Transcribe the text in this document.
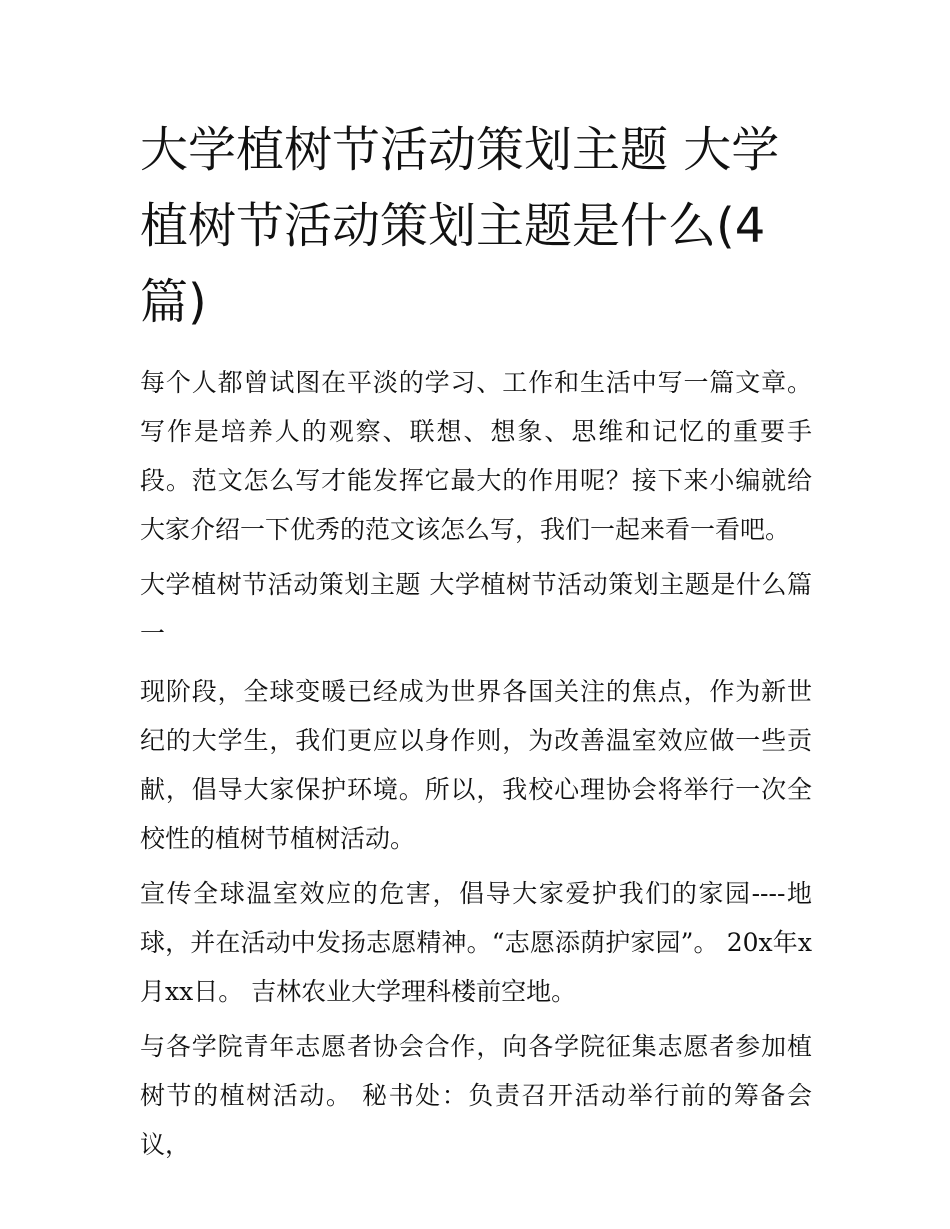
大学植树节活动策划主题 大学植树节活动策划主题是什么(4篇)

每个人都曾试图在平淡的学习、工作和生活中写一篇文章。写作是培养人的观察、联想、想象、思维和记忆的重要手段。范文怎么写才能发挥它最大的作用呢？接下来小编就给大家介绍一下优秀的范文该怎么写，我们一起来看一看吧。

大学植树节活动策划主题 大学植树节活动策划主题是什么篇一

现阶段，全球变暖已经成为世界各国关注的焦点，作为新世纪的大学生，我们更应以身作则，为改善温室效应做一些贡献，倡导大家保护环境。所以，我校心理协会将举行一次全校性的植树节植树活动。

宣传全球温室效应的危害，倡导大家爱护我们的家园----地球，并在活动中发扬志愿精神。“志愿添荫护家园”。 20x年x月xx日。 吉林农业大学理科楼前空地。

与各学院青年志愿者协会合作，向各学院征集志愿者参加植树节的植树活动。 秘书处：负责召开活动举行前的筹备会议，
